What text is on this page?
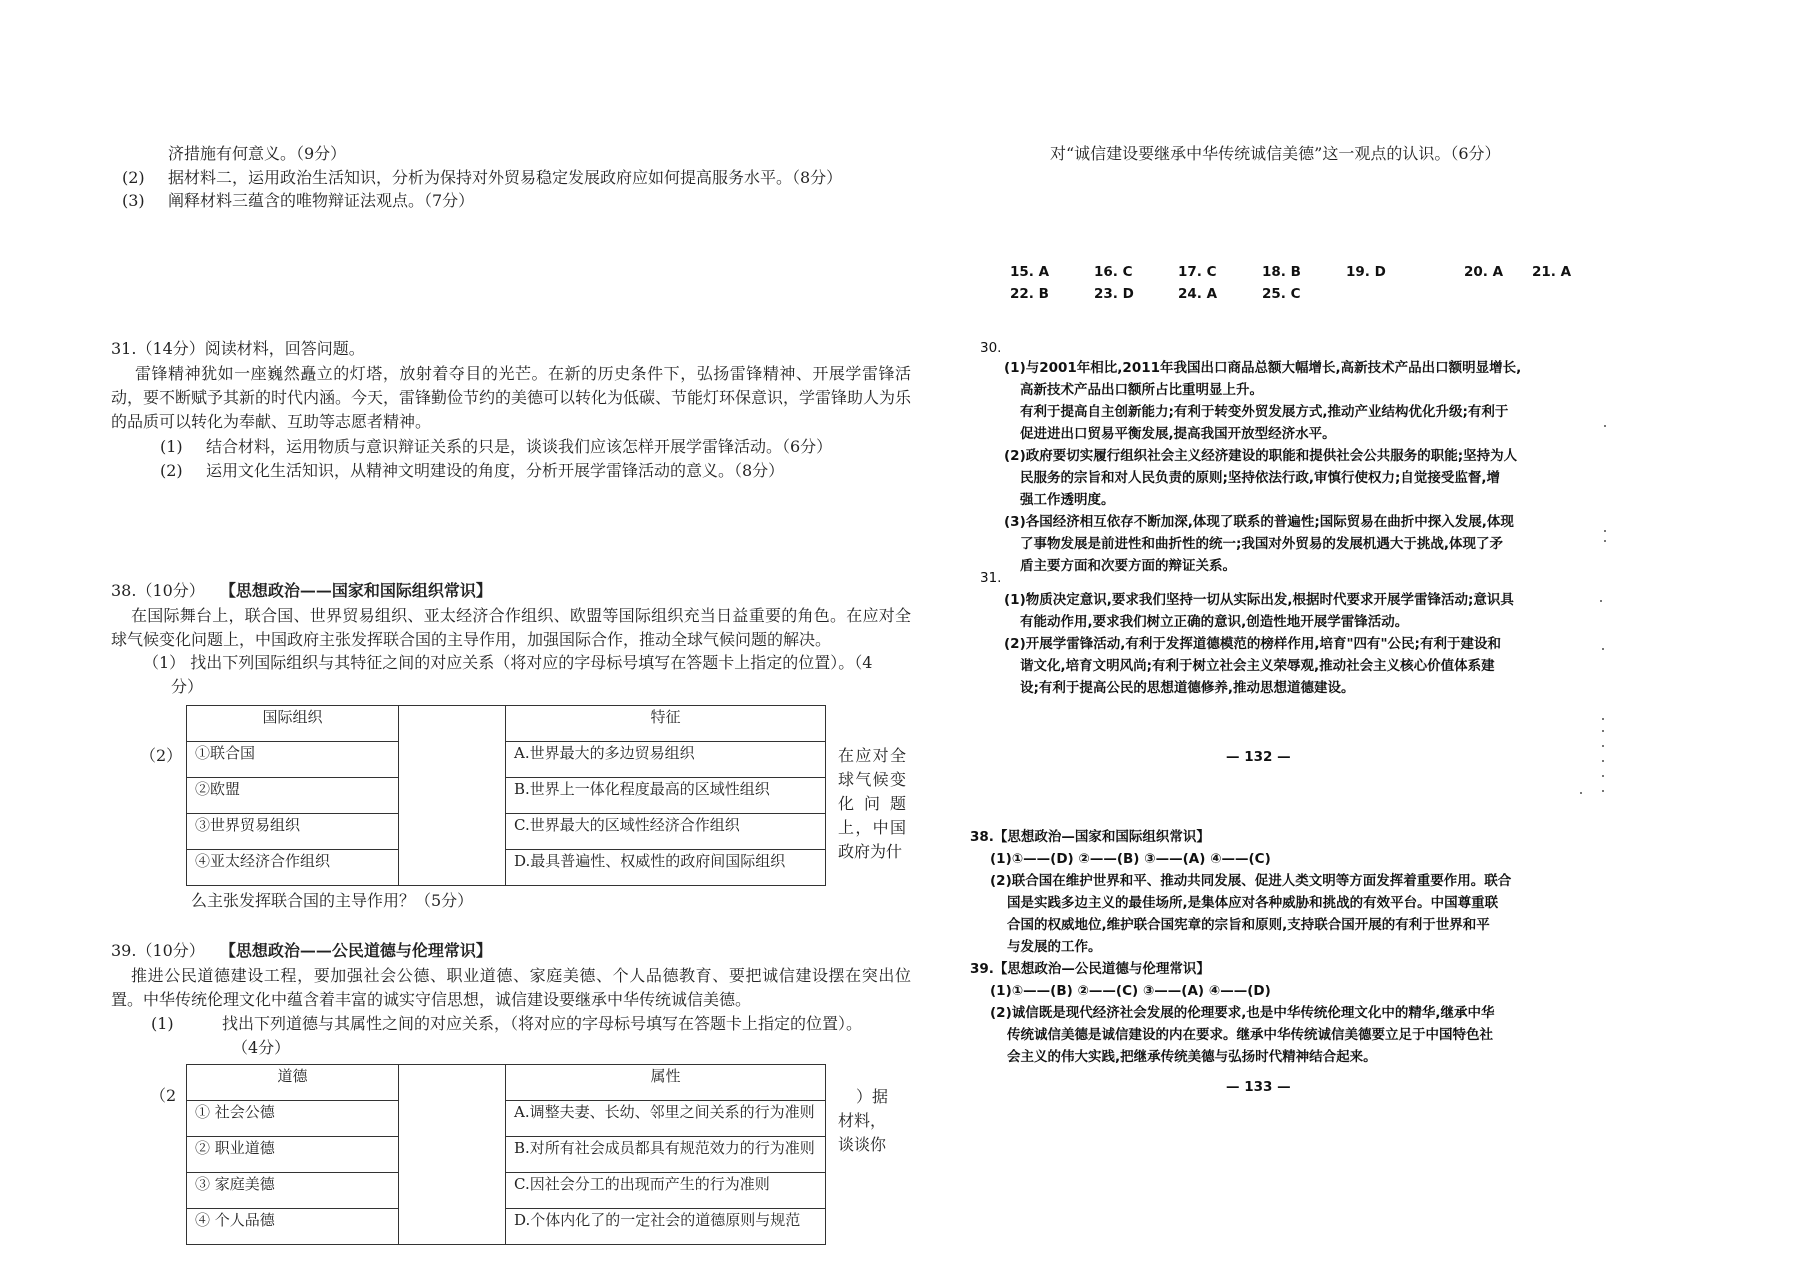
济措施有何意义。（9分）
(2) 据材料二，运用政治生活知识，分析为保持对外贸易稳定发展政府应如何提高服务水平。（8分）
(3) 阐释材料三蕴含的唯物辩证法观点。（7分）
31.（14分）阅读材料，回答问题。
雷锋精神犹如一座巍然矗立的灯塔，放射着夺目的光芒。在新的历史条件下，弘扬雷锋精神、开展学雷锋活动，要不断赋予其新的时代内涵。今天，雷锋勤俭节约的美德可以转化为低碳、节能灯环保意识，学雷锋助人为乐的品质可以转化为奉献、互助等志愿者精神。
(1) 结合材料，运用物质与意识辩证关系的只是，谈谈我们应该怎样开展学雷锋活动。（6分）
(2) 运用文化生活知识，从精神文明建设的角度，分析开展学雷锋活动的意义。（8分）
38.（10分） 【思想政治——国家和国际组织常识】
在国际舞台上，联合国、世界贸易组织、亚太经济合作组织、欧盟等国际组织充当日益重要的角色。在应对全球气候变化问题上，中国政府主张发挥联合国的主导作用，加强国际合作，推动全球气候问题的解决。
（1） 找出下列国际组织与其特征之间的对应关系（将对应的字母标号填写在答题卡上指定的位置）。（4
分）
（2）
国际组织		特征
①联合国		A.世界最大的多边贸易组织
②欧盟		B.世界上一体化程度最高的区域性组织
③世界贸易组织		C.世界最大的区域性经济合作组织
④亚太经济合作组织		D.最具普遍性、权威性的政府间国际组织
在应对全球气候变化问题上，中国政府为什
么主张发挥联合国的主导作用？（5分）
39.（10分） 【思想政治——公民道德与伦理常识】
推进公民道德建设工程，要加强社会公德、职业道德、家庭美德、个人品德教育、要把诚信建设摆在突出位置。中华传统伦理文化中蕴含着丰富的诚实守信思想，诚信建设要继承中华传统诚信美德。
(1)	找出下列道德与其属性之间的对应关系，（将对应的字母标号填写在答题卡上指定的位置）。
（4分）
（2
道德		属性
① 社会公德		A.调整夫妻、长幼、邻里之间关系的行为准则
② 职业道德		B.对所有社会成员都具有规范效力的行为准则
③ 家庭美德		C.因社会分工的出现而产生的行为准则
④ 个人品德		D.个体内化了的一定社会的道德原则与规范
）据
材料，
谈谈你
对“诚信建设要继承中华传统诚信美德”这一观点的认识。（6分）
15. A	16. C	17. C	18. B	19. D	20. A 21. A
22. B	23. D	24. A	25. C
30.
(1)与2001年相比,2011年我国出口商品总额大幅增长,高新技术产品出口额明显增长,
高新技术产品出口额所占比重明显上升。
有利于提高自主创新能力;有利于转变外贸发展方式,推动产业结构优化升级;有利于
促进进出口贸易平衡发展,提高我国开放型经济水平。
(2)政府要切实履行组织社会主义经济建设的职能和提供社会公共服务的职能;坚持为人
民服务的宗旨和对人民负责的原则;坚持依法行政,审慎行使权力;自觉接受监督,增
强工作透明度。
(3)各国经济相互依存不断加深,体现了联系的普遍性;国际贸易在曲折中探入发展,体现
了事物发展是前进性和曲折性的统一;我国对外贸易的发展机遇大于挑战,体现了矛
盾主要方面和次要方面的辩证关系。
31.
(1)物质决定意识,要求我们坚持一切从实际出发,根据时代要求开展学雷锋活动;意识具
有能动作用,要求我们树立正确的意识,创造性地开展学雷锋活动。
(2)开展学雷锋活动,有利于发挥道德模范的榜样作用,培育"四有"公民;有利于建设和
谐文化,培育文明风尚;有利于树立社会主义荣辱观,推动社会主义核心价值体系建
设;有利于提高公民的思想道德修养,推动思想道德建设。
— 132 —
38.【思想政治—国家和国际组织常识】
(1)①——(D) ②——(B) ③——(A) ④——(C)
(2)联合国在维护世界和平、推动共同发展、促进人类文明等方面发挥着重要作用。联合
国是实践多边主义的最佳场所,是集体应对各种威胁和挑战的有效平台。中国尊重联
合国的权威地位,维护联合国宪章的宗旨和原则,支持联合国开展的有利于世界和平
与发展的工作。
39.【思想政治—公民道德与伦理常识】
(1)①——(B) ②——(C) ③——(A) ④——(D)
(2)诚信既是现代经济社会发展的伦理要求,也是中华传统伦理文化中的精华,继承中华
传统诚信美德是诚信建设的内在要求。继承中华传统诚信美德要立足于中国特色社
会主义的伟大实践,把继承传统美德与弘扬时代精神结合起来。
— 133 —
